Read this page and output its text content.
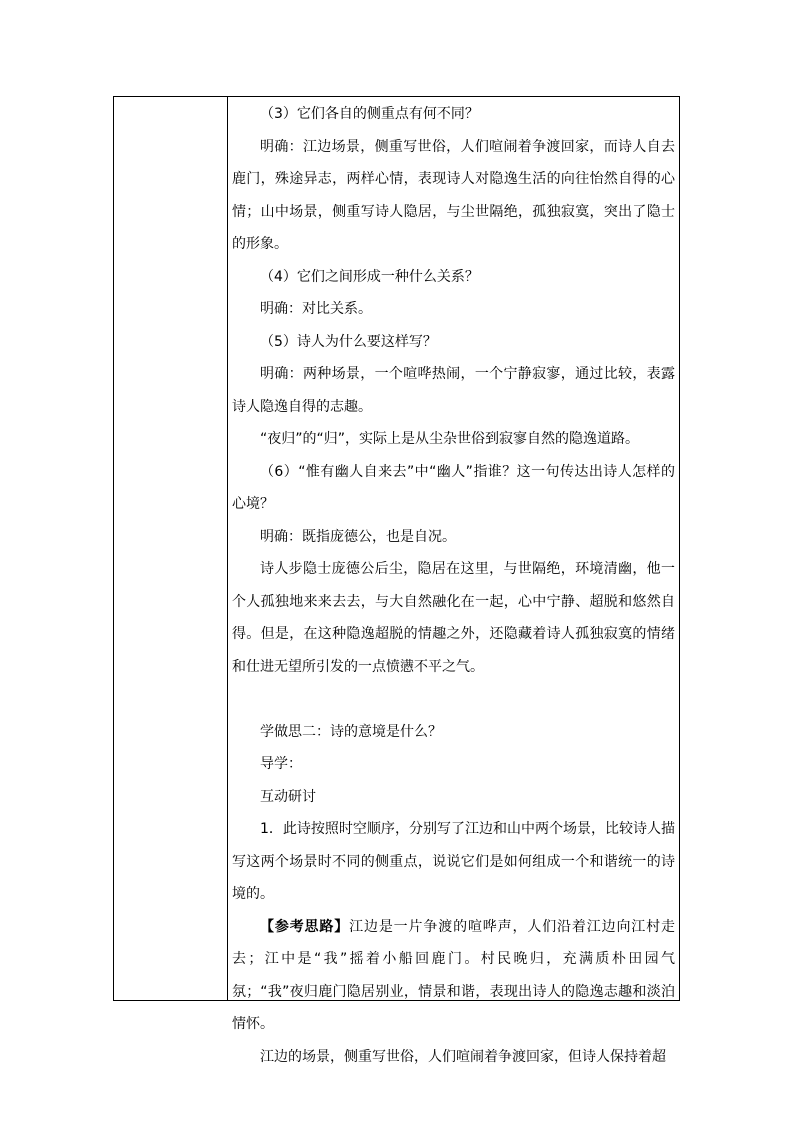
（3）它们各自的侧重点有何不同？

明确：江边场景，侧重写世俗，人们喧闹着争渡回家，而诗人自去鹿门，殊途异志，两样心情，表现诗人对隐逸生活的向往怡然自得的心情；山中场景，侧重写诗人隐居，与尘世隔绝，孤独寂寞，突出了隐士的形象。

（4）它们之间形成一种什么关系？

明确：对比关系。

（5）诗人为什么要这样写？

明确：两种场景，一个喧哗热闹，一个宁静寂寥，通过比较，表露诗人隐逸自得的志趣。

“夜归”的“归”，实际上是从尘杂世俗到寂寥自然的隐逸道路。

（6）“惟有幽人自来去”中“幽人”指谁？这一句传达出诗人怎样的心境？

明确：既指庞德公，也是自况。

诗人步隐士庞德公后尘，隐居在这里，与世隔绝，环境清幽，他一个人孤独地来来去去，与大自然融化在一起，心中宁静、超脱和悠然自得。但是，在这种隐逸超脱的情趣之外，还隐藏着诗人孤独寂寞的情绪和仕进无望所引发的一点愤懑不平之气。

学做思二：诗的意境是什么？

导学：

互动研讨

1．此诗按照时空顺序，分别写了江边和山中两个场景，比较诗人描写这两个场景时不同的侧重点，说说它们是如何组成一个和谐统一的诗境的。

【参考思路】江边是一片争渡的喧哗声，人们沿着江边向江村走去；江中是“我”摇着小船回鹿门。村民晚归，充满质朴田园气氛；“我”夜归鹿门隐居别业，情景和谐，表现出诗人的隐逸志趣和淡泊情怀。

江边的场景，侧重写世俗，人们喧闹着争渡回家，但诗人保持着超
